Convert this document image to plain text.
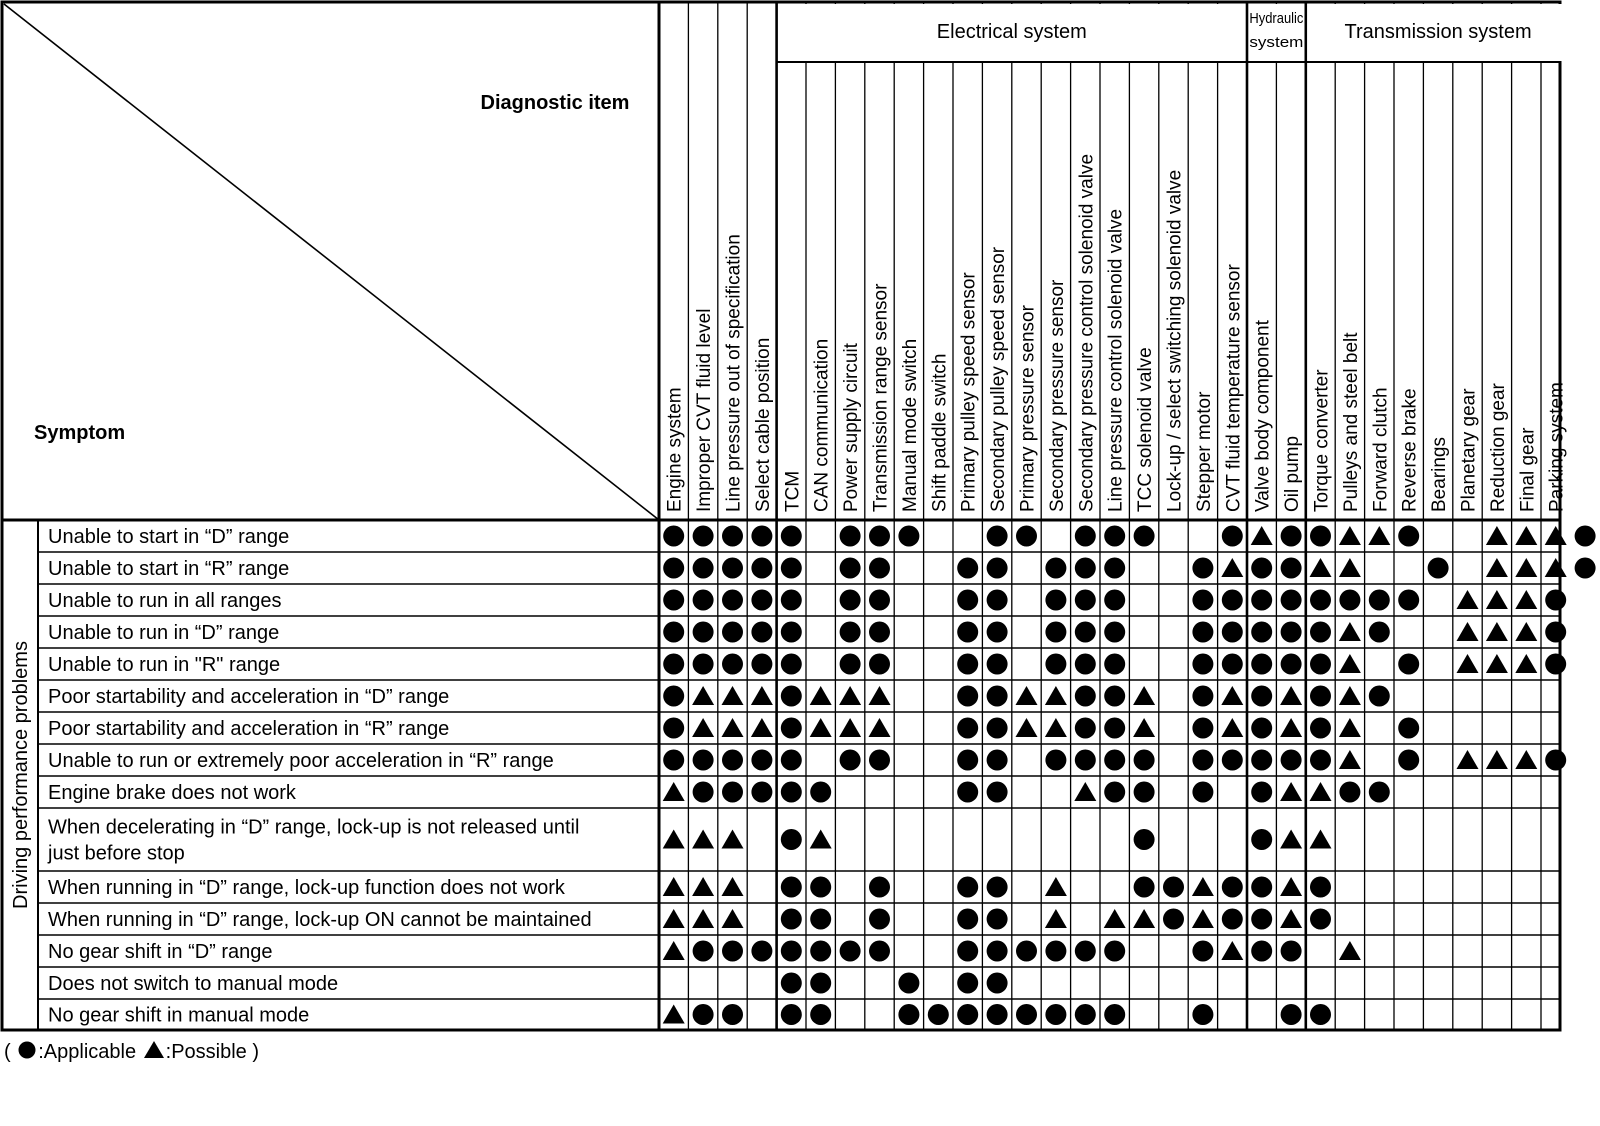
Diagnostic item
Symptom
Electrical system
Hydraulic
system Transmission system
Engine system Improper CVT fluid level Line pressure out of specification Select cable position TCM CAN communication Power supply circuit Transmission range sensor Manual mode switch Shift paddle switch Primary pulley speed sensor Secondary pulley speed sensor Primary pressure sensor Secondary pressure sensor Secondary pressure control solenoid valve Line pressure control solenoid valve TCC solenoid valve Lock-up / select switching solenoid valve Stepper motor CVT fluid temperature sensor Valve body component Oil pump Torque converter Pulleys and steel belt Forward clutch Reverse brake Bearings Planetary gear Reduction gear Final gear Parking system
Driving performance problems
Unable to start in “D” range
Unable to start in “R” range
Unable to run in all ranges
Unable to run in “D” range
Unable to run in "R" range
Poor startability and acceleration in “D” range
Poor startability and acceleration in “R” range
Unable to run or extremely poor acceleration in “R” range
Engine brake does not work
When decelerating in “D” range, lock-up is not released until
just before stop
When running in “D” range, lock-up function does not work
When running in “D” range, lock-up ON cannot be maintained
No gear shift in “D” range
Does not switch to manual mode
No gear shift in manual mode
( :Applicable :Possible )
